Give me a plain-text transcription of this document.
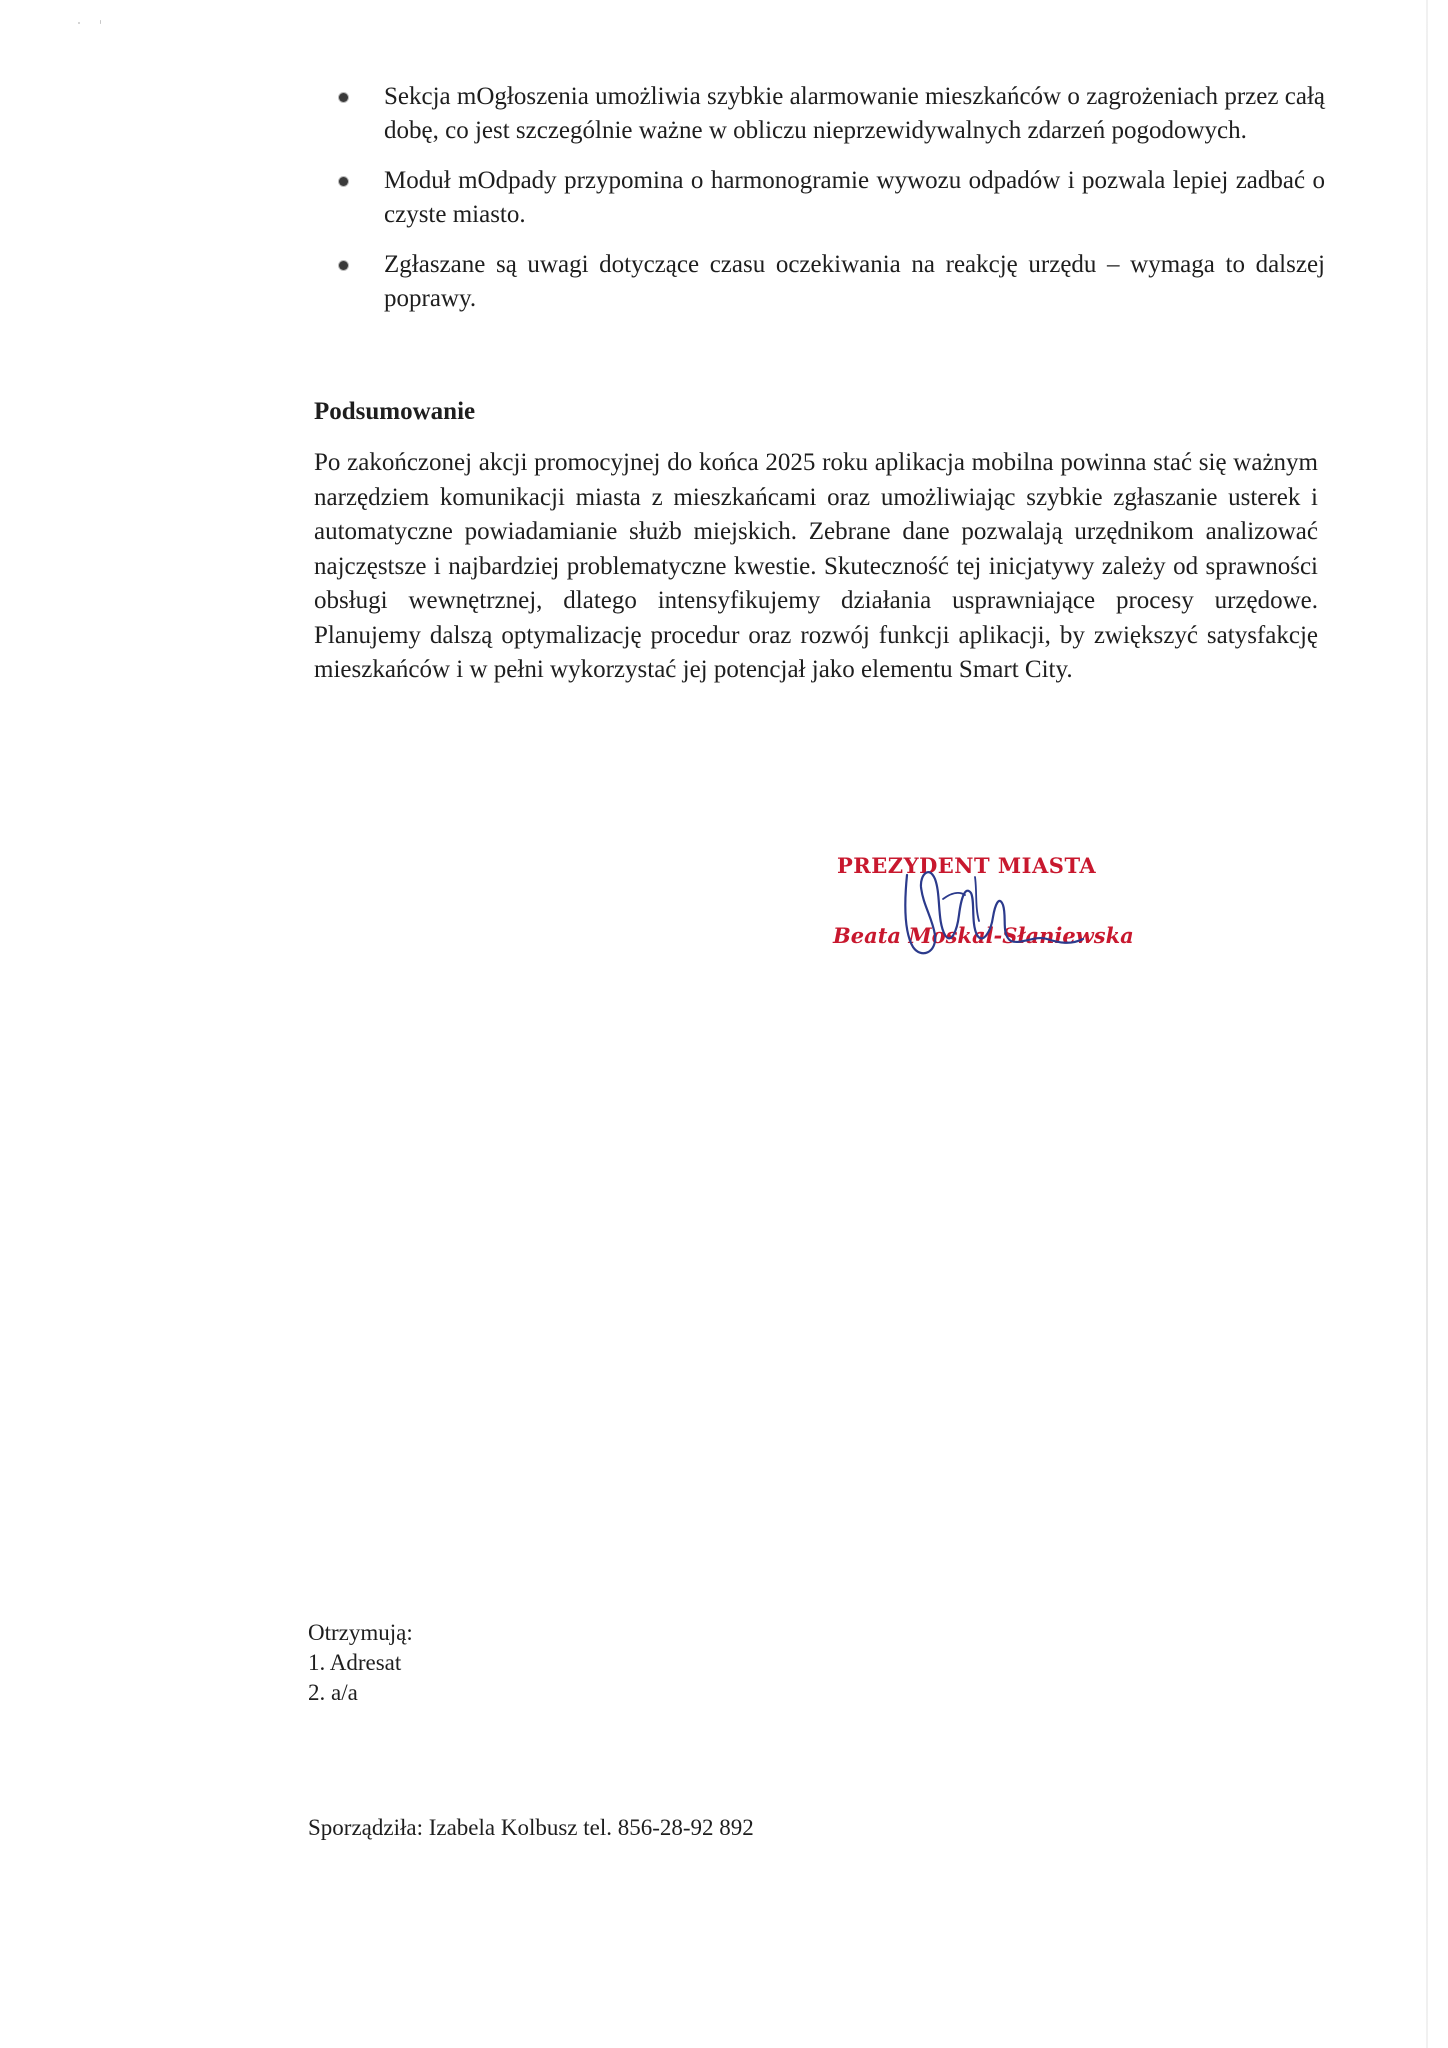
Sekcja mOgłoszenia umożliwia szybkie alarmowanie mieszkańców o zagrożeniach przez całą dobę, co jest szczególnie ważne w obliczu nieprzewidywalnych zdarzeń pogodowych.
Moduł mOdpady przypomina o harmonogramie wywozu odpadów i pozwala lepiej zadbać o czyste miasto.
Zgłaszane są uwagi dotyczące czasu oczekiwania na reakcję urzędu – wymaga to dalszej poprawy.
Podsumowanie

Po zakończonej akcji promocyjnej do końca 2025 roku aplikacja mobilna powinna stać się ważnym narzędziem komunikacji miasta z mieszkańcami oraz umożliwiając szybkie zgłaszanie usterek i automatyczne powiadamianie służb miejskich. Zebrane dane pozwalają urzędnikom analizować najczęstsze i najbardziej problematyczne kwestie. Skuteczność tej inicjatywy zależy od sprawności obsługi wewnętrznej, dlatego intensyfikujemy działania usprawniające procesy urzędowe. Planujemy dalszą optymalizację procedur oraz rozwój funkcji aplikacji, by zwiększyć satysfakcję mieszkańców i w pełni wykorzystać jej potencjał jako elementu Smart City.

PREZYDENT MIASTA
Beata Moskal-Słaniewska
Otrzymują:
1. Adresat
2. a/a
Sporządziła: Izabela Kolbusz tel. 856-28-92 892
